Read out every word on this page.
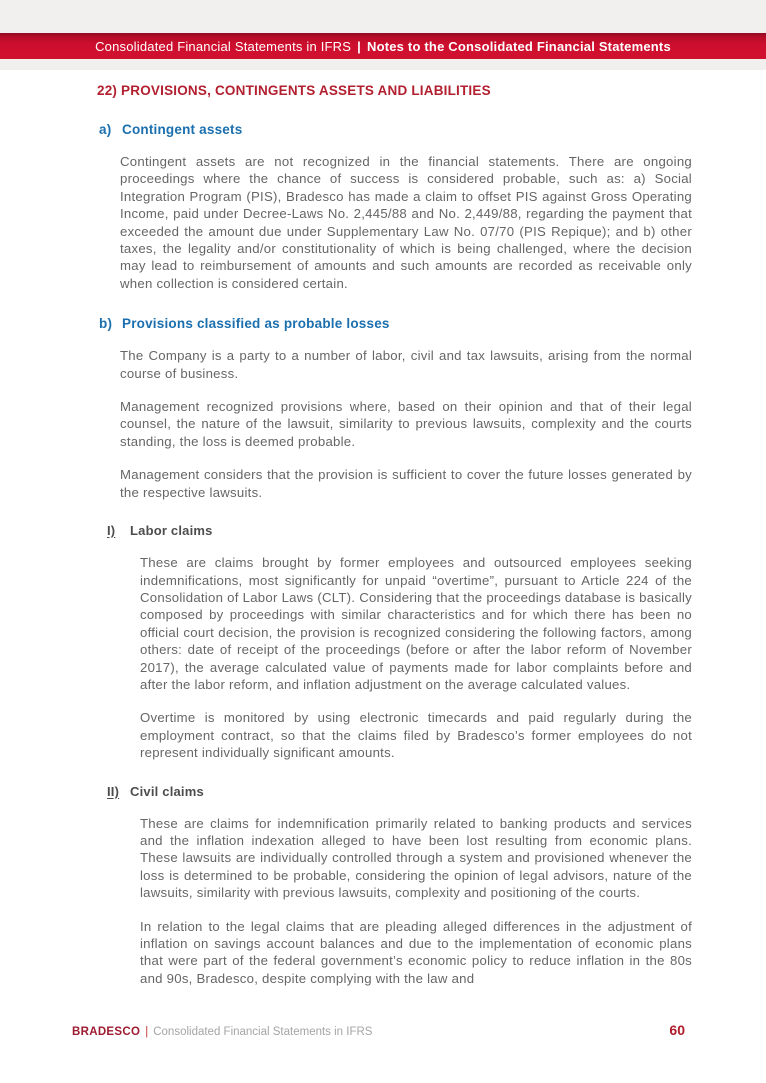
Consolidated Financial Statements in IFRS | Notes to the Consolidated Financial Statements
22) PROVISIONS, CONTINGENTS ASSETS AND LIABILITIES
a) Contingent assets

Contingent assets are not recognized in the financial statements. There are ongoing proceedings where the chance of success is considered probable, such as: a) Social Integration Program (PIS), Bradesco has made a claim to offset PIS against Gross Operating Income, paid under Decree-Laws No. 2,445/88 and No. 2,449/88, regarding the payment that exceeded the amount due under Supplementary Law No. 07/70 (PIS Repique); and b) other taxes, the legality and/or constitutionality of which is being challenged, where the decision may lead to reimbursement of amounts and such amounts are recorded as receivable only when collection is considered certain.

b) Provisions classified as probable losses

The Company is a party to a number of labor, civil and tax lawsuits, arising from the normal course of business.

Management recognized provisions where, based on their opinion and that of their legal counsel, the nature of the lawsuit, similarity to previous lawsuits, complexity and the courts standing, the loss is deemed probable.

Management considers that the provision is sufficient to cover the future losses generated by the respective lawsuits.

I)	Labor claims

These are claims brought by former employees and outsourced employees seeking indemnifications, most significantly for unpaid “overtime”, pursuant to Article 224 of the Consolidation of Labor Laws (CLT). Considering that the proceedings database is basically composed by proceedings with similar characteristics and for which there has been no official court decision, the provision is recognized considering the following factors, among others: date of receipt of the proceedings (before or after the labor reform of November 2017), the average calculated value of payments made for labor complaints before and after the labor reform, and inflation adjustment on the average calculated values.

Overtime is monitored by using electronic timecards and paid regularly during the employment contract, so that the claims filed by Bradesco’s former employees do not represent individually significant amounts.

II) Civil claims

These are claims for indemnification primarily related to banking products and services and the inflation indexation alleged to have been lost resulting from economic plans. These lawsuits are individually controlled through a system and provisioned whenever the loss is determined to be probable, considering the opinion of legal advisors, nature of the lawsuits, similarity with previous lawsuits, complexity and positioning of the courts.

In relation to the legal claims that are pleading alleged differences in the adjustment of inflation on savings account balances and due to the implementation of economic plans that were part of the federal government’s economic policy to reduce inflation in the 80s and 90s, Bradesco, despite complying with the law and

BRADESCO | Consolidated Financial Statements in IFRS	60
